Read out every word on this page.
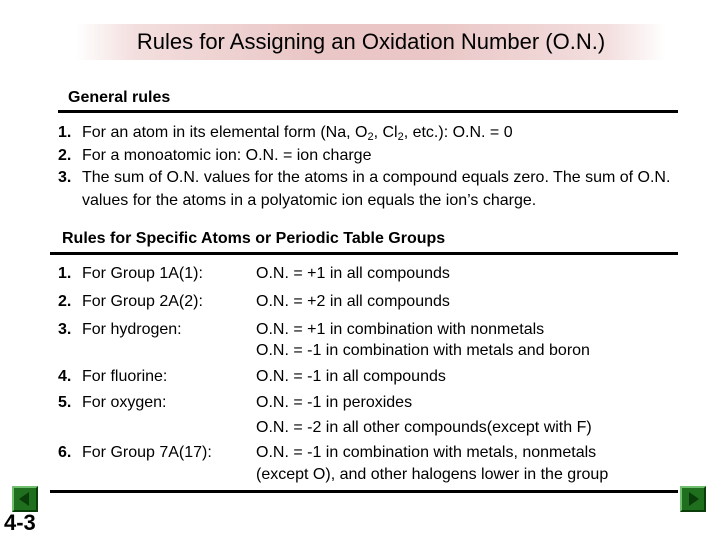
Rules for Assigning an Oxidation Number (O.N.)
General rules
1. For an atom in its elemental form (Na, $O_2$, $Cl_2$, etc.): O.N. = 0
2. For a monoatomic ion: O.N. = ion charge
3. The sum of O.N. values for the atoms in a compound equals zero. The sum of O.N. values for the atoms in a polyatomic ion equals the ion’s charge.
Rules for Specific Atoms or Periodic Table Groups
1. For Group 1A(1):
2. For Group 2A(2):
3. For hydrogen:
4. For fluorine:
5. For oxygen:
6. For Group 7A(17):
O.N. = +1 in all compounds
O.N. = +2 in all compounds
O.N. = +1 in combination with nonmetals
O.N. = -1 in combination with metals and boron
O.N. = -1 in all compounds
O.N. = -1 in peroxides
O.N. = -2 in all other compounds(except with F)
O.N. = -1 in combination with metals, nonmetals
(except O), and other halogens lower in the group
4-3
